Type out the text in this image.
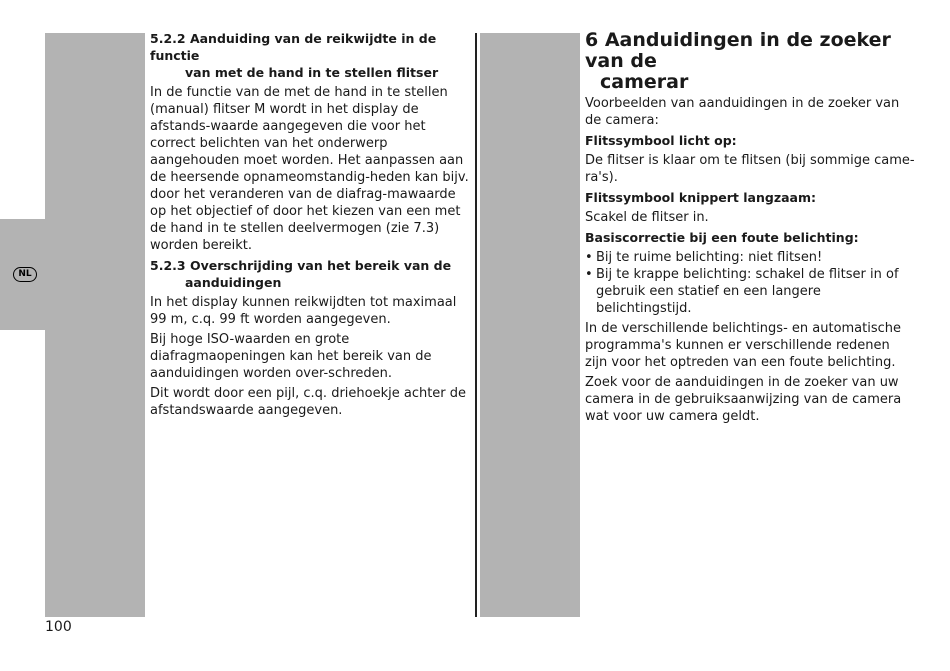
NL
5.2.2 Aanduiding van de reikwijdte in de functie
van met de hand in te stellen flitser
In de functie van de met de hand in te stellen (manual) flitser M wordt in het display de afstands-waarde aangegeven die voor het correct belichten van het onderwerp aangehouden moet worden. Het aanpassen aan de heersende opnameomstandig-heden kan bijv. door het veranderen van de diafrag-mawaarde op het objectief of door het kiezen van een met de hand in te stellen deelvermogen (zie 7.3) worden bereikt.
5.2.3 Overschrijding van het bereik van de
aanduidingen
In het display kunnen reikwijdten tot maximaal 99 m, c.q. 99 ft worden aangegeven.
Bij hoge ISO-waarden en grote diafragmaopeningen kan het bereik van de aanduidingen worden over-schreden.
Dit wordt door een pijl, c.q. driehoekje achter de afstandswaarde aangegeven.
6 Aanduidingen in de zoeker van de
camerar
Voorbeelden van aanduidingen in de zoeker van de camera:
Flitssymbool licht op:
De flitser is klaar om te flitsen (bij sommige came-ra's).
Flitssymbool knippert langzaam:
Scakel de flitser in.
Basiscorrectie bij een foute belichting:
• Bij te ruime belichting: niet flitsen!
• Bij te krappe belichting: schakel de flitser in of gebruik een statief en een langere belichtingstijd.
In de verschillende belichtings- en automatische programma's kunnen er verschillende redenen zijn voor het optreden van een foute belichting.
Zoek voor de aanduidingen in de zoeker van uw camera in de gebruiksaanwijzing van de camera wat voor uw camera geldt.
100
